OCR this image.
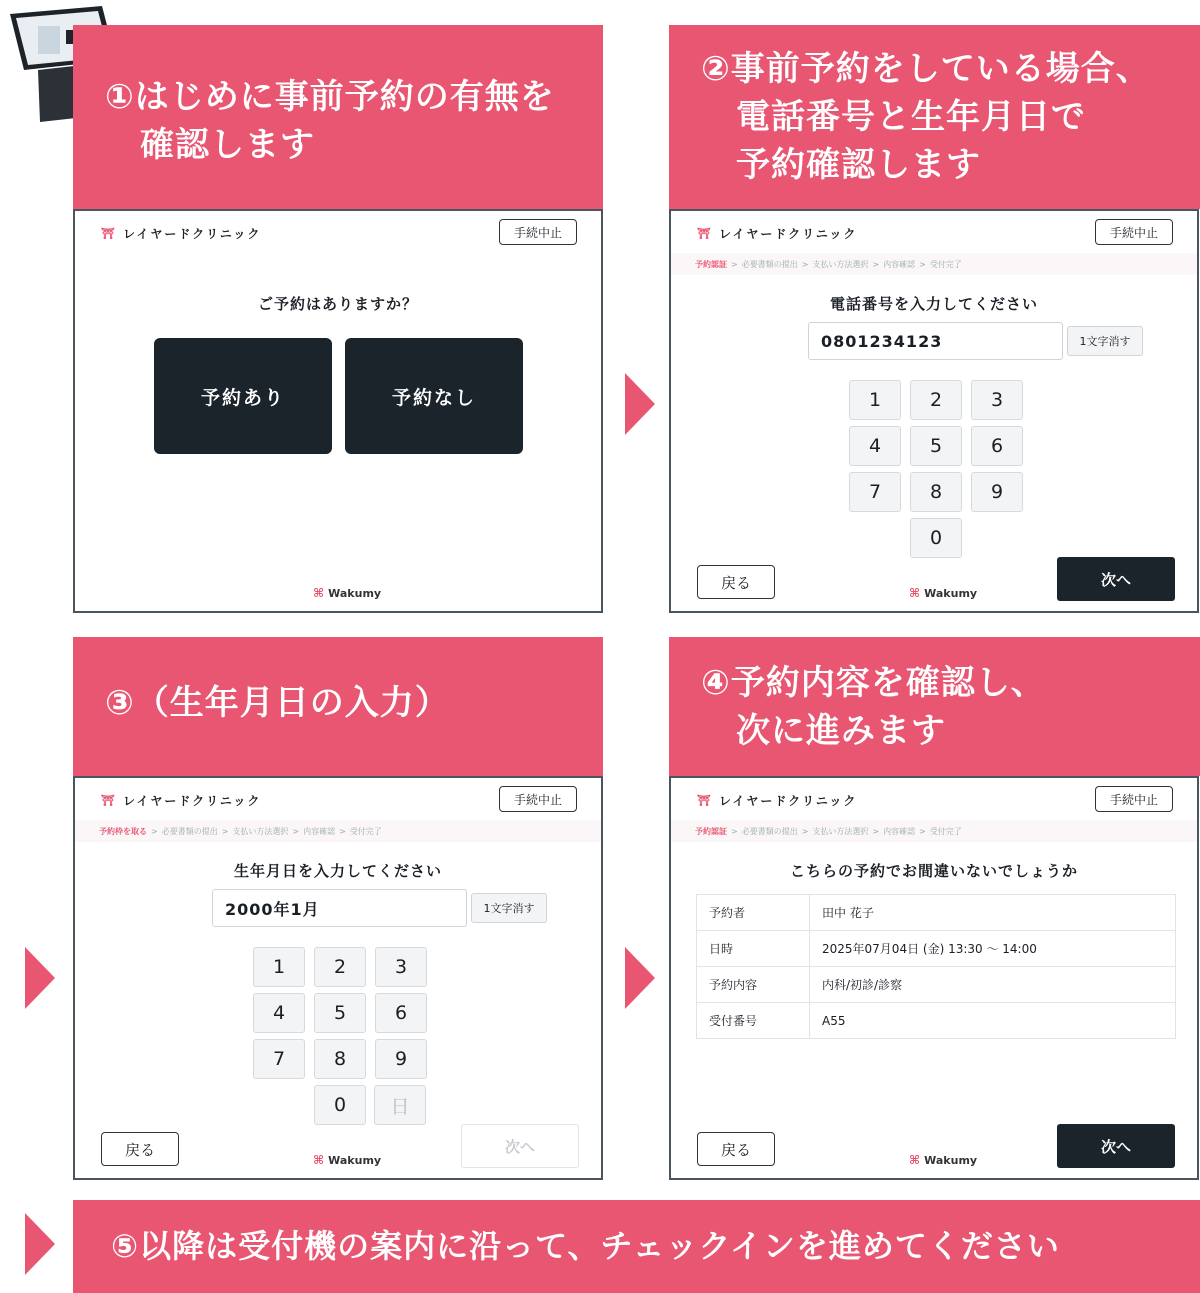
①はじめに事前予約の有無を
　確認します
②事前予約をしている場合、
　電話番号と生年月日で
　予約確認します
⛩ レイヤードクリニック	手続中止
ご予約はありますか？
予約あり	予約なし
⌘ Wakumy
⛩ レイヤードクリニック	手続中止
予約認証 > 必要書類の提出 > 支払い方法選択 > 内容確認 > 受付完了
電話番号を入力してください
0801234123	1文字消す
戻る	次へ
⌘ Wakumy
1	2	3
4	5	6
7	8	9
0
③（生年月日の入力）	④予約内容を確認し、
　次に進みます
⛩ レイヤードクリニック	手続中止
予約枠を取る > 必要書類の提出 > 支払い方法選択 > 内容確認 > 受付完了
生年月日を入力してください
2000年1月	1文字消す
日
戻る	次へ
⌘ Wakumy
1	2	3
4	5	6
7	8	9
0
⛩ レイヤードクリニック	手続中止
予約認証 > 必要書類の提出 > 支払い方法選択 > 内容確認 > 受付完了
こちらの予約でお間違いないでしょうか
予約者	田中 花子
日時	2025年07月04日 (金) 13:30 〜 14:00
予約内容	内科/初診/診察
受付番号	A55
戻る	次へ
⌘ Wakumy
⑤以降は受付機の案内に沿って、チェックインを進めてください
